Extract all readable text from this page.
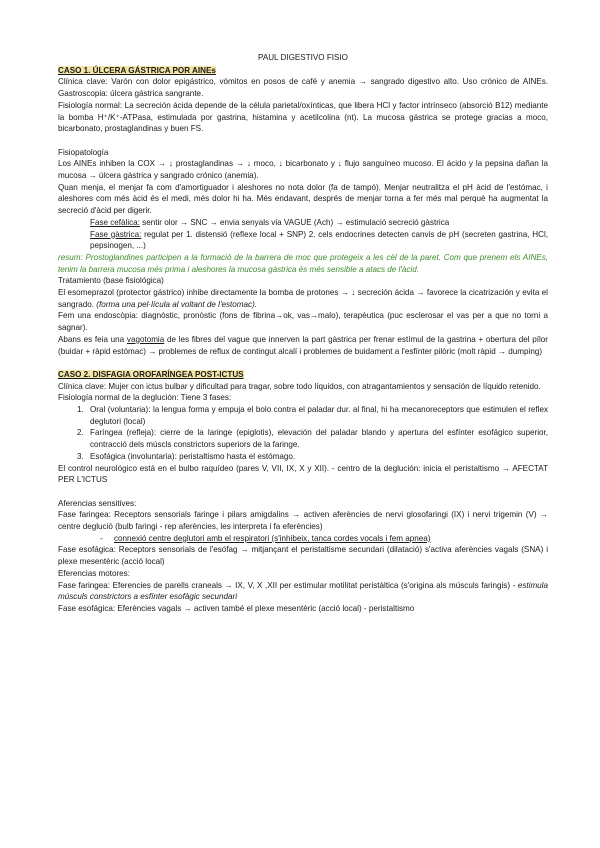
PAUL DIGESTIVO FISIO
CASO 1. ÚLCERA GÁSTRICA POR AINEs

Clínica clave: Varón con dolor epigástrico, vómitos en posos de café y anemia → sangrado digestivo alto. Uso crónico de AINEs. Gastroscopia: úlcera gástrica sangrante.

Fisiología normal: La secreción ácida depende de la célula parietal/oxínticas, que libera HCl y factor intrínseco (absorció B12) mediante la bomba H⁺/K⁺-ATPasa, estimulada por gastrina, histamina y acetilcolina (nt). La mucosa gástrica se protege gracias a moco, bicarbonato, prostaglandinas y buen FS.

Fisiopatología

Los AINEs inhiben la COX → ↓ prostaglandinas → ↓ moco, ↓ bicarbonato y ↓ flujo sanguíneo mucoso. El ácido y la pepsina dañan la mucosa → úlcera gástrica y sangrado crónico (anemia).

Quan menja, el menjar fa com d'amortiguador i aleshores no nota dolor (fa de tampó). Menjar neutralitza el pH àcid de l'estómac, i aleshores com més àcid és el medi, més dolor hi ha. Més endavant, després de menjar torna a fer més mal perquè ha augmentat la secreció d'àcid per digerir.

Fase cefàlica: sentir olor → SNC → envia senyals via VAGUE (Ach) → estimulació secreció gàstrica

Fase gàstrica: regulat per 1. distensió (reflexe local + SNP) 2. cels endocrines detecten canvis de pH (secreten gastrina, HCl, pepsinogen, ...)

resum: Prostoglandines participen a la formació de la barrera de moc que protegeix a les cèl de la paret. Com que prenem els AINEs, tenim la barrera mucosa més prima i aleshores la mucosa gàstrica és més sensible a atacs de l'àcid.

Tratamiento (base fisiológica)

El esomeprazol (protector gástrico) inhibe directamente la bomba de protones → ↓ secreción ácida → favorece la cicatrización y evita el sangrado. (forma una pel·lícula al voltant de l'estomac).

Fem una endoscòpia: diagnòstic, pronòstic (fons de fibrina→ok, vas→malo), terapèutica (puc esclerosar el vas per a que no torni a sagnar).

Abans es feia una vagotomia de les fibres del vague que innerven la part gàstrica per frenar estímul de la gastrina + obertura del pílor (buidar + ràpid estómac) → problemes de reflux de contingut alcalí i problemes de buidament a l'esfínter pilòric (molt ràpid → dumping)

CASO 2. DISFAGIA OROFARÍNGEA POST-ICTUS

Clínica clave: Mujer con ictus bulbar y dificultad para tragar, sobre todo líquidos, con atragantamientos y sensación de líquido retenido.

Fisiología normal de la deglución: Tiene 3 fases:

1. Oral (voluntaria): la lengua forma y empuja el bolo contra el paladar dur. al final, hi ha mecanoreceptors que estimulen el reflex deglutori (local)
2. Faríngea (refleja): cierre de la laringe (epiglotis), elevación del paladar blando y apertura del esfínter esofágico superior, contracció dels múscls constrictors superiors de la faringe.
3. Esofágica (involuntaria): peristaltismo hasta el estómago.

El control neurológico está en el bulbo raquídeo (pares V, VII, IX, X y XII). - centro de la deglución: inicia el peristaltismo → AFECTAT PER L'ICTUS

Aferencias sensitives:

Fase faringea: Receptors sensorials faringe i pilars amigdalins → activen aferències de nervi glosofaringi (IX) i nervi trigemin (V) → centre deglució (bulb faringi - rep aferències, les interpreta i fa eferències)

- connexió centre deglutori amb el respiratori (s'inhibeix, tanca cordes vocals i fem apnea)

Fase esofágica: Receptors sensorials de l'esófag → mitjançant el peristaltisme secundari (dilatació) s'activa aferències vagals (SNA) i plexe mesentèric (acció local)

Eferencias motores:

Fase faringea: Eferencies de parells craneals → IX, V, X ,XII per estimular motilitat peristàltica (s'origina als músculs faringis) - estimula músculs constrictors a esfínter esofàgic secundari

Fase esofágica: Eferències vagals → activen també el plexe mesentèric (acció local) - peristaltismo
